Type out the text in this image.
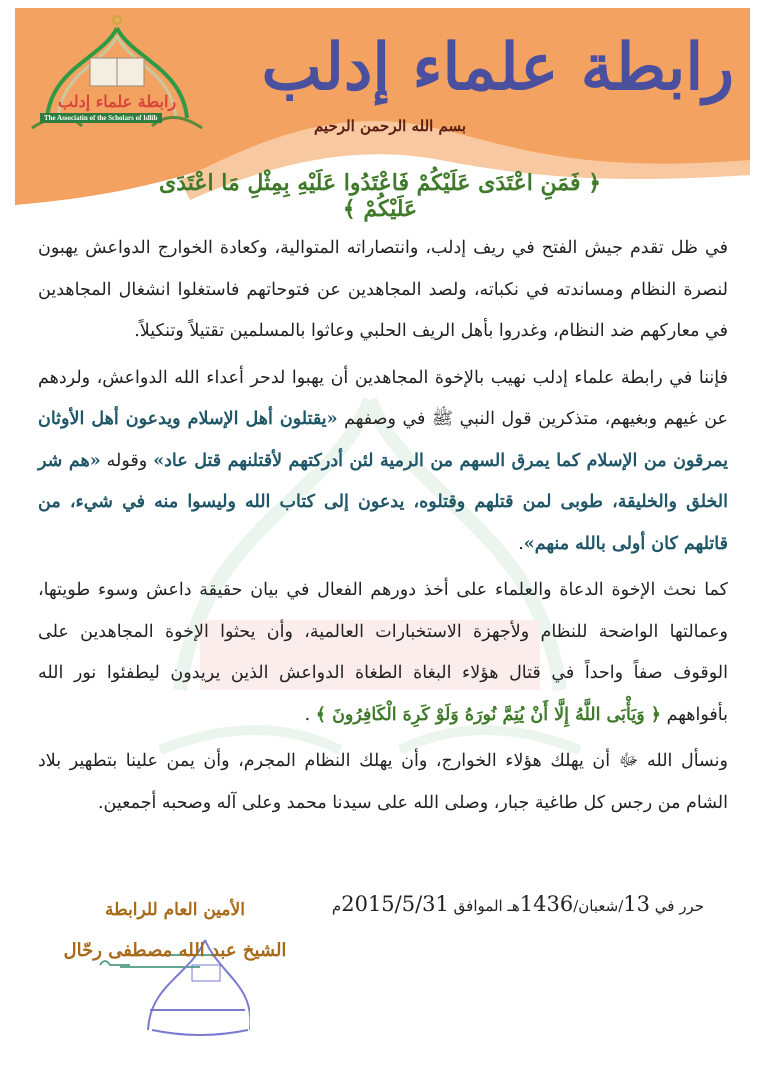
رابطة علماء إدلب
رابطة علماء إدلب
The Associatin of the Scholars of Idlib	بسم الله الرحمن الرحيم
﴿ فَمَنِ اعْتَدَى عَلَيْكُمْ فَاعْتَدُوا عَلَيْهِ بِمِثْلِ مَا اعْتَدَى عَلَيْكُمْ ﴾

في ظل تقدم جيش الفتح في ريف إدلب، وانتصاراته المتوالية، وكعادة الخوارج الدواعش يهبون لنصرة النظام ومساندته في نكباته، ولصد المجاهدين عن فتوحاتهم فاستغلوا انشغال المجاهدين في معاركهم ضد النظام، وغدروا بأهل الريف الحلبي وعاثوا بالمسلمين تقتيلاً وتنكيلاً.

فإننا في رابطة علماء إدلب نهيب بالإخوة المجاهدين أن يهبوا لدحر أعداء الله الدواعش، ولردهم عن غيهم وبغيهم، متذكرين قول النبي ﷺ في وصفهم «يقتلون أهل الإسلام ويدعون أهل الأوثان يمرقون من الإسلام كما يمرق السهم من الرمية لئن أدركتهم لأقتلنهم قتل عاد» وقوله «هم شر الخلق والخليقة، طوبى لمن قتلهم وقتلوه، يدعون إلى كتاب الله وليسوا منه في شيء، من قاتلهم كان أولى بالله منهم».

كما نحث الإخوة الدعاة والعلماء على أخذ دورهم الفعال في بيان حقيقة داعش وسوء طويتها، وعمالتها الواضحة للنظام ولأجهزة الاستخبارات العالمية، وأن يحثوا الإخوة المجاهدين على الوقوف صفاً واحداً في قتال هؤلاء البغاة الطغاة الدواعش الذين يريدون ليطفئوا نور الله بأفواههم ﴿ وَيَأْبَى اللَّهُ إِلَّا أَنْ يُتِمَّ نُورَهُ وَلَوْ كَرِهَ الْكَافِرُونَ ﴾ .

ونسأل الله ﷻ أن يهلك هؤلاء الخوارج، وأن يهلك النظام المجرم، وأن يمن علينا بتطهير بلاد الشام من رجس كل طاغية جبار، وصلى الله على سيدنا محمد وعلى آله وصحبه أجمعين.

حرر في 13/شعبان/1436هـ الموافق 2015/5/31م
الأمين العام للرابطة
الشيخ عبد الله مصطفى رحّال
